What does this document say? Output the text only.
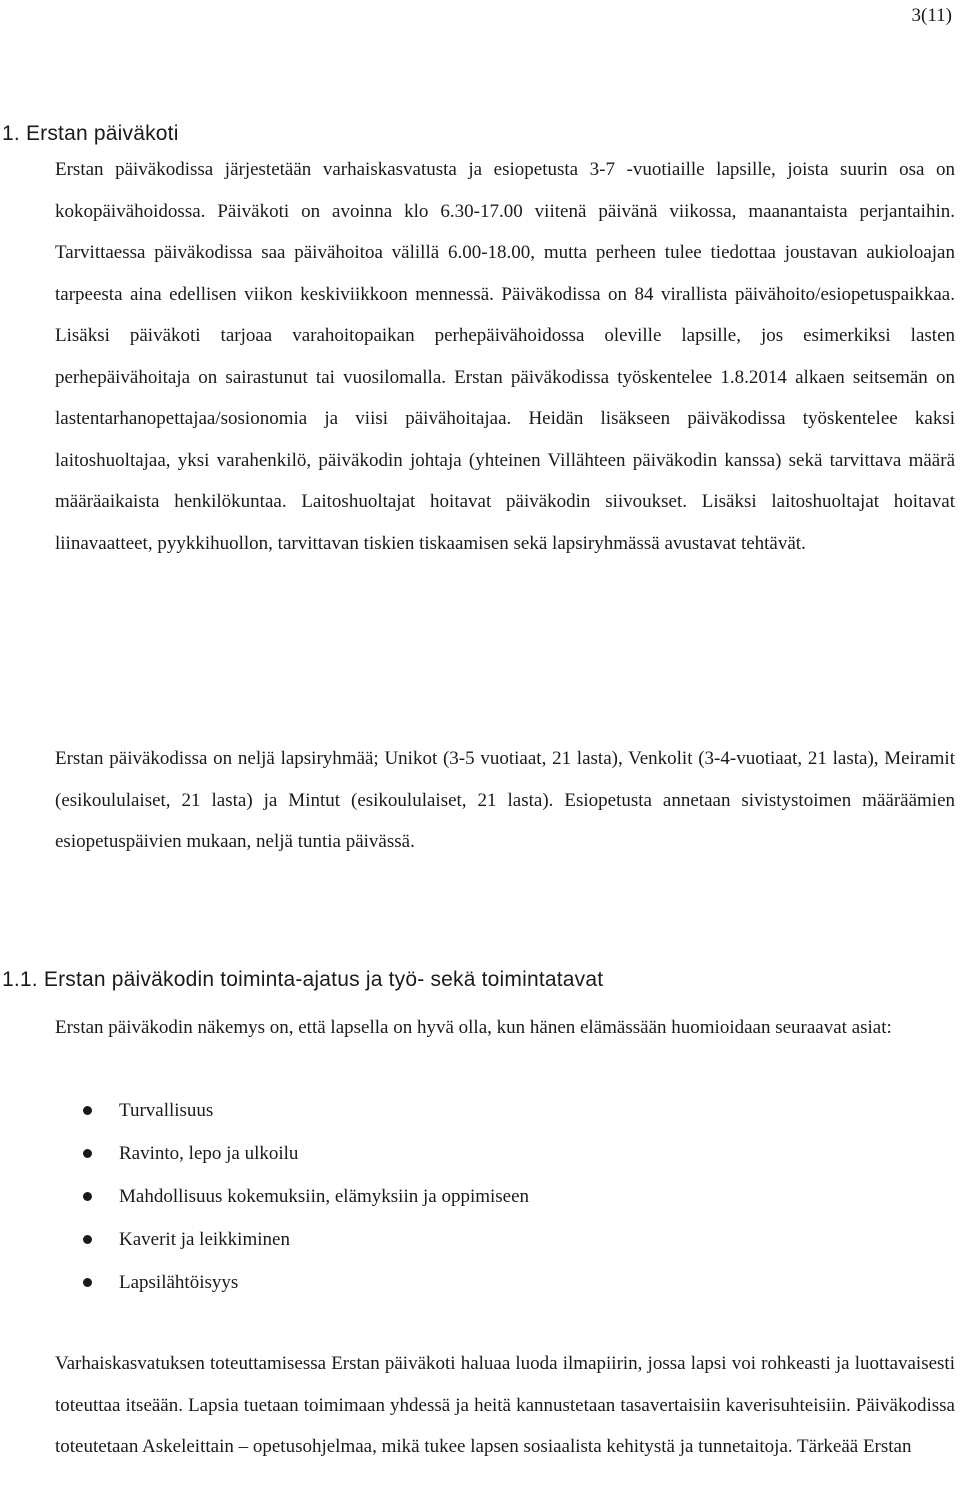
3(11)
1. Erstan päiväkoti

Erstan päiväkodissa järjestetään varhaiskasvatusta ja esiopetusta 3-7 -vuotiaille lapsille, joista suurin osa on kokopäivähoidossa. Päiväkoti on avoinna klo 6.30-17.00 viitenä päivänä viikossa, maanantaista perjantaihin. Tarvittaessa päiväkodissa saa päivähoitoa välillä 6.00-18.00, mutta perheen tulee tiedottaa joustavan aukioloajan tarpeesta aina edellisen viikon keskiviikkoon mennessä. Päiväkodissa on 84 virallista päivähoito/esiopetuspaikkaa. Lisäksi päiväkoti tarjoaa varahoitopaikan perhepäivähoidossa oleville lapsille, jos esimerkiksi lasten perhepäivähoitaja on sairastunut tai vuosilomalla. Erstan päiväkodissa työskentelee 1.8.2014 alkaen seitsemän on lastentarhanopettajaa/sosionomia ja viisi päivähoitajaa. Heidän lisäkseen päiväkodissa työskentelee kaksi laitoshuoltajaa, yksi varahenkilö, päiväkodin johtaja (yhteinen Villähteen päiväkodin kanssa) sekä tarvittava määrä määräaikaista henkilökuntaa. Laitoshuoltajat hoitavat päiväkodin siivoukset. Lisäksi laitoshuoltajat hoitavat liinavaatteet, pyykkihuollon, tarvittavan tiskien tiskaamisen sekä lapsiryhmässä avustavat tehtävät.

Erstan päiväkodissa on neljä lapsiryhmää; Unikot (3-5 vuotiaat, 21 lasta), Venkolit (3-4-vuotiaat, 21 lasta), Meiramit (esikoululaiset, 21 lasta) ja Mintut (esikoululaiset, 21 lasta). Esiopetusta annetaan sivistystoimen määräämien esiopetuspäivien mukaan, neljä tuntia päivässä.

1.1. Erstan päiväkodin toiminta-ajatus ja työ- sekä toimintatavat

Erstan päiväkodin näkemys on, että lapsella on hyvä olla, kun hänen elämässään huomioidaan seuraavat asiat:

Turvallisuus
Ravinto, lepo ja ulkoilu
Mahdollisuus kokemuksiin, elämyksiin ja oppimiseen
Kaverit ja leikkiminen
Lapsilähtöisyys

Varhaiskasvatuksen toteuttamisessa Erstan päiväkoti haluaa luoda ilmapiirin, jossa lapsi voi rohkeasti ja luottavaisesti toteuttaa itseään. Lapsia tuetaan toimimaan yhdessä ja heitä kannustetaan tasavertaisiin kaverisuhteisiin. Päiväkodissa toteutetaan Askeleittain – opetusohjelmaa, mikä tukee lapsen sosiaalista kehitystä ja tunnetaitoja. Tärkeää Erstan
